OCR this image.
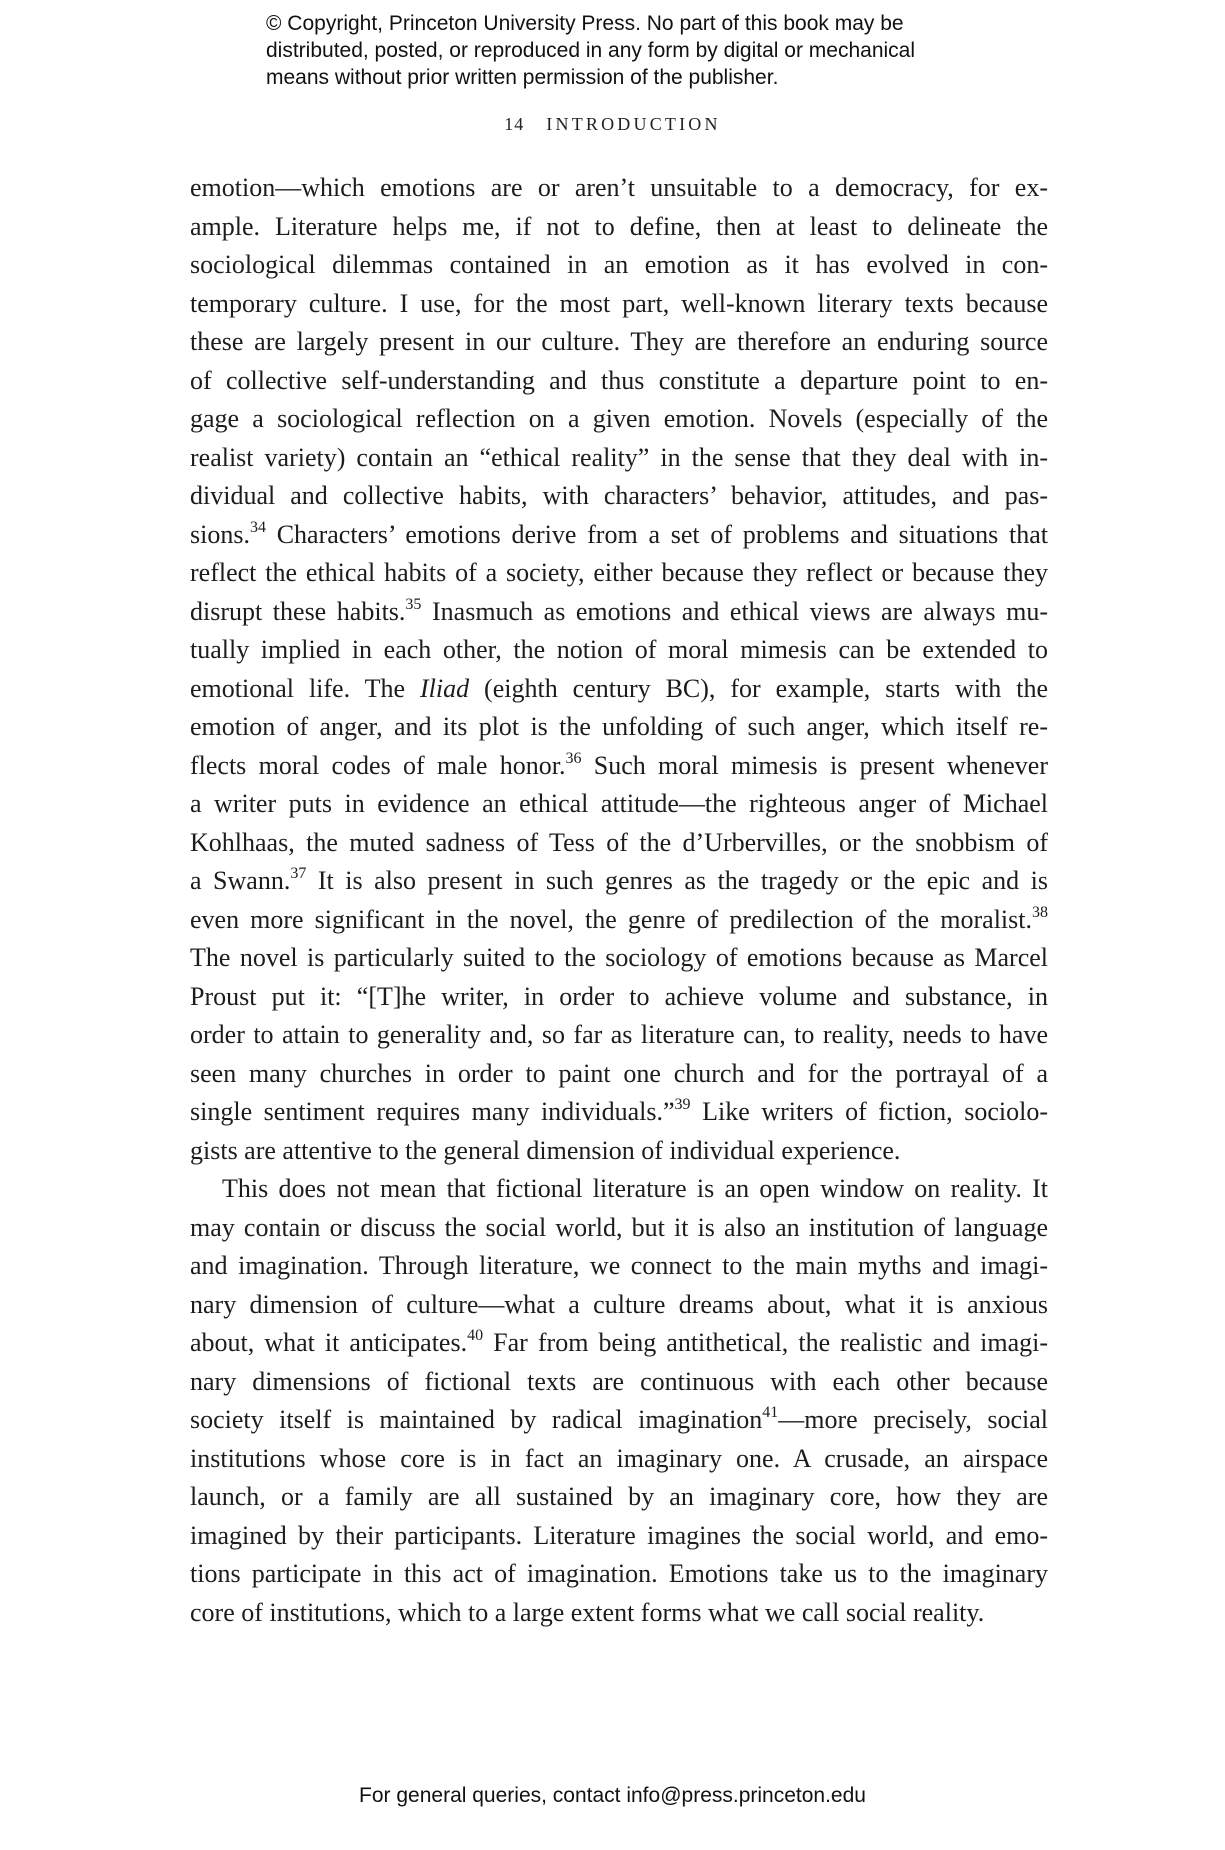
© Copyright, Princeton University Press. No part of this book may be
distributed, posted, or reproduced in any form by digital or mechanical
means without prior written permission of the publisher.
14 INTRODUCTION
emotion—which emotions are or aren’t unsuitable to a democracy, for ex-
ample. Literature helps me, if not to define, then at least to delineate the
sociological dilemmas contained in an emotion as it has evolved in con-
temporary culture. I use, for the most part, well-known literary texts because
these are largely present in our culture. They are therefore an enduring source
of collective self-understanding and thus constitute a departure point to en-
gage a sociological reflection on a given emotion. Novels (especially of the
realist variety) contain an “ethical reality” in the sense that they deal with in-
dividual and collective habits, with characters’ behavior, attitudes, and pas-
sions.$^{34}$ Characters’ emotions derive from a set of problems and situations that
reflect the ethical habits of a society, either because they reflect or because they
disrupt these habits.$^{35}$ Inasmuch as emotions and ethical views are always mu-
tually implied in each other, the notion of moral mimesis can be extended to
emotional life. The Iliad (eighth century BC), for example, starts with the
emotion of anger, and its plot is the unfolding of such anger, which itself re-
flects moral codes of male honor.$^{36}$ Such moral mimesis is present whenever
a writer puts in evidence an ethical attitude—the righteous anger of Michael
Kohlhaas, the muted sadness of Tess of the d’Urbervilles, or the snobbism of
a Swann.$^{37}$ It is also present in such genres as the tragedy or the epic and is
even more significant in the novel, the genre of predilection of the moralist.$^{38}$
The novel is particularly suited to the sociology of emotions because as Marcel
Proust put it: “[T]he writer, in order to achieve volume and substance, in
order to attain to generality and, so far as literature can, to reality, needs to have
seen many churches in order to paint one church and for the portrayal of a
single sentiment requires many individuals.”$^{39}$ Like writers of fiction, sociolo-
gists are attentive to the general dimension of individual experience.
This does not mean that fictional literature is an open window on reality. It
may contain or discuss the social world, but it is also an institution of language
and imagination. Through literature, we connect to the main myths and imagi-
nary dimension of culture—what a culture dreams about, what it is anxious
about, what it anticipates.$^{40}$ Far from being antithetical, the realistic and imagi-
nary dimensions of fictional texts are continuous with each other because
society itself is maintained by radical imagination$^{41}$—more precisely, social
institutions whose core is in fact an imaginary one. A crusade, an airspace
launch, or a family are all sustained by an imaginary core, how they are
imagined by their participants. Literature imagines the social world, and emo-
tions participate in this act of imagination. Emotions take us to the imaginary
core of institutions, which to a large extent forms what we call social reality.
For general queries, contact info@press.princeton.edu
